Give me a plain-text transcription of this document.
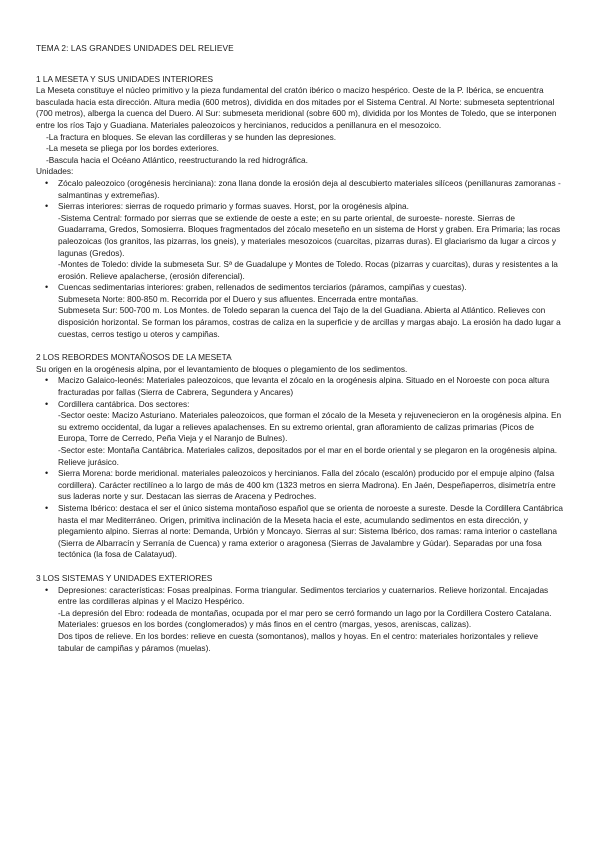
TEMA 2: LAS GRANDES UNIDADES DEL RELIEVE

1 LA MESETA Y SUS UNIDADES INTERIORES

La Meseta constituye el núcleo primitivo y la pieza fundamental del cratón ibérico o macizo hespérico. Oeste de la P. Ibérica, se encuentra basculada hacia esta dirección. Altura media (600 metros), dividida en dos mitades por el Sistema Central. Al Norte: submeseta septentrional (700 metros), alberga la cuenca del Duero. Al Sur: submeseta meridional (sobre 600 m), dividida por los Montes de Toledo, que se interponen entre los ríos Tajo y Guadiana. Materiales paleozoicos y hercinianos, reducidos a penillanura en el mesozoico.

-La fractura en bloques. Se elevan las cordilleras y se hunden las depresiones.

-La meseta se pliega por los bordes exteriores.

-Bascula hacia el Océano Atlántico, reestructurando la red hidrográfica.

Unidades:

• Zócalo paleozoico (orogénesis herciniana): zona llana donde la erosión deja al descubierto materiales silíceos (penillanuras zamoranas - salmantinas y extremeñas).

• Sierras interiores: sierras de roquedo primario y formas suaves. Horst, por la orogénesis alpina.

-Sistema Central: formado por sierras que se extiende de oeste a este; en su parte oriental, de suroeste- noreste. Sierras de Guadarrama, Gredos, Somosierra. Bloques fragmentados del zócalo meseteño en un sistema de Horst y graben. Era Primaria; las rocas paleozoicas (los granitos, las pizarras, los gneis), y materiales mesozoicos (cuarcitas, pizarras duras). El glaciarismo da lugar a circos y lagunas (Gredos).

-Montes de Toledo: divide la submeseta Sur. Sª de Guadalupe y Montes de Toledo. Rocas (pizarras y cuarcitas), duras y resistentes a la erosión. Relieve apalacherse, (erosión diferencial).

• Cuencas sedimentarias interiores: graben, rellenados de sedimentos terciarios (páramos, campiñas y cuestas).

Submeseta Norte: 800-850 m. Recorrida por el Duero y sus afluentes. Encerrada entre montañas.

Submeseta Sur: 500-700 m. Los Montes. de Toledo separan la cuenca del Tajo de la del Guadiana. Abierta al Atlántico. Relieves con disposición horizontal. Se forman los páramos, costras de caliza en la superficie y de arcillas y margas abajo. La erosión ha dado lugar a cuestas, cerros testigo u oteros y campiñas.

2 LOS REBORDES MONTAÑOSOS DE LA MESETA

Su origen en la orogénesis alpina, por el levantamiento de bloques o plegamiento de los sedimentos.

• Macizo Galaico-leonés: Materiales paleozoicos, que levanta el zócalo en la orogénesis alpina. Situado en el Noroeste con poca altura fracturadas por fallas (Sierra de Cabrera, Segundera y Ancares)

• Cordillera cantábrica. Dos sectores:

-Sector oeste: Macizo Asturiano. Materiales paleozoicos, que forman el zócalo de la Meseta y rejuvenecieron en la orogénesis alpina. En su extremo occidental, da lugar a relieves apalachenses. En su extremo oriental, gran afloramiento de calizas primarias (Picos de Europa, Torre de Cerredo, Peña Vieja y el Naranjo de Bulnes).

-Sector este: Montaña Cantábrica. Materiales calizos, depositados por el mar en el borde oriental y se plegaron en la orogénesis alpina. Relieve jurásico.

• Sierra Morena: borde meridional. materiales paleozoicos y hercinianos. Falla del zócalo (escalón) producido por el empuje alpino (falsa cordillera). Carácter rectilíneo a lo largo de más de 400 km (1323 metros en sierra Madrona). En Jaén, Despeñaperros, disimetría entre sus laderas norte y sur. Destacan las sierras de Aracena y Pedroches.

• Sistema Ibérico: destaca el ser el único sistema montañoso español que se orienta de noroeste a sureste. Desde la Cordillera Cantábrica hasta el mar Mediterráneo. Origen, primitiva inclinación de la Meseta hacia el este, acumulando sedimentos en esta dirección, y plegamiento alpino. Sierras al norte: Demanda, Urbión y Moncayo. Sierras al sur: Sistema Ibérico, dos ramas: rama interior o castellana (Sierra de Albarracín y Serranía de Cuenca) y rama exterior o aragonesa (Sierras de Javalambre y Gúdar). Separadas por una fosa tectónica (la fosa de Calatayud).

3 LOS SISTEMAS Y UNIDADES EXTERIORES

• Depresiones: características: Fosas prealpinas. Forma triangular. Sedimentos terciarios y cuaternarios. Relieve horizontal. Encajadas entre las cordilleras alpinas y el Macizo Hespérico.

-La depresión del Ebro: rodeada de montañas, ocupada por el mar pero se cerró formando un lago por la Cordillera Costero Catalana. Materiales: gruesos en los bordes (conglomerados) y más finos en el centro (margas, yesos, areniscas, calizas).

Dos tipos de relieve. En los bordes: relieve en cuesta (somontanos), mallos y hoyas. En el centro: materiales horizontales y relieve tabular de campiñas y páramos (muelas).
